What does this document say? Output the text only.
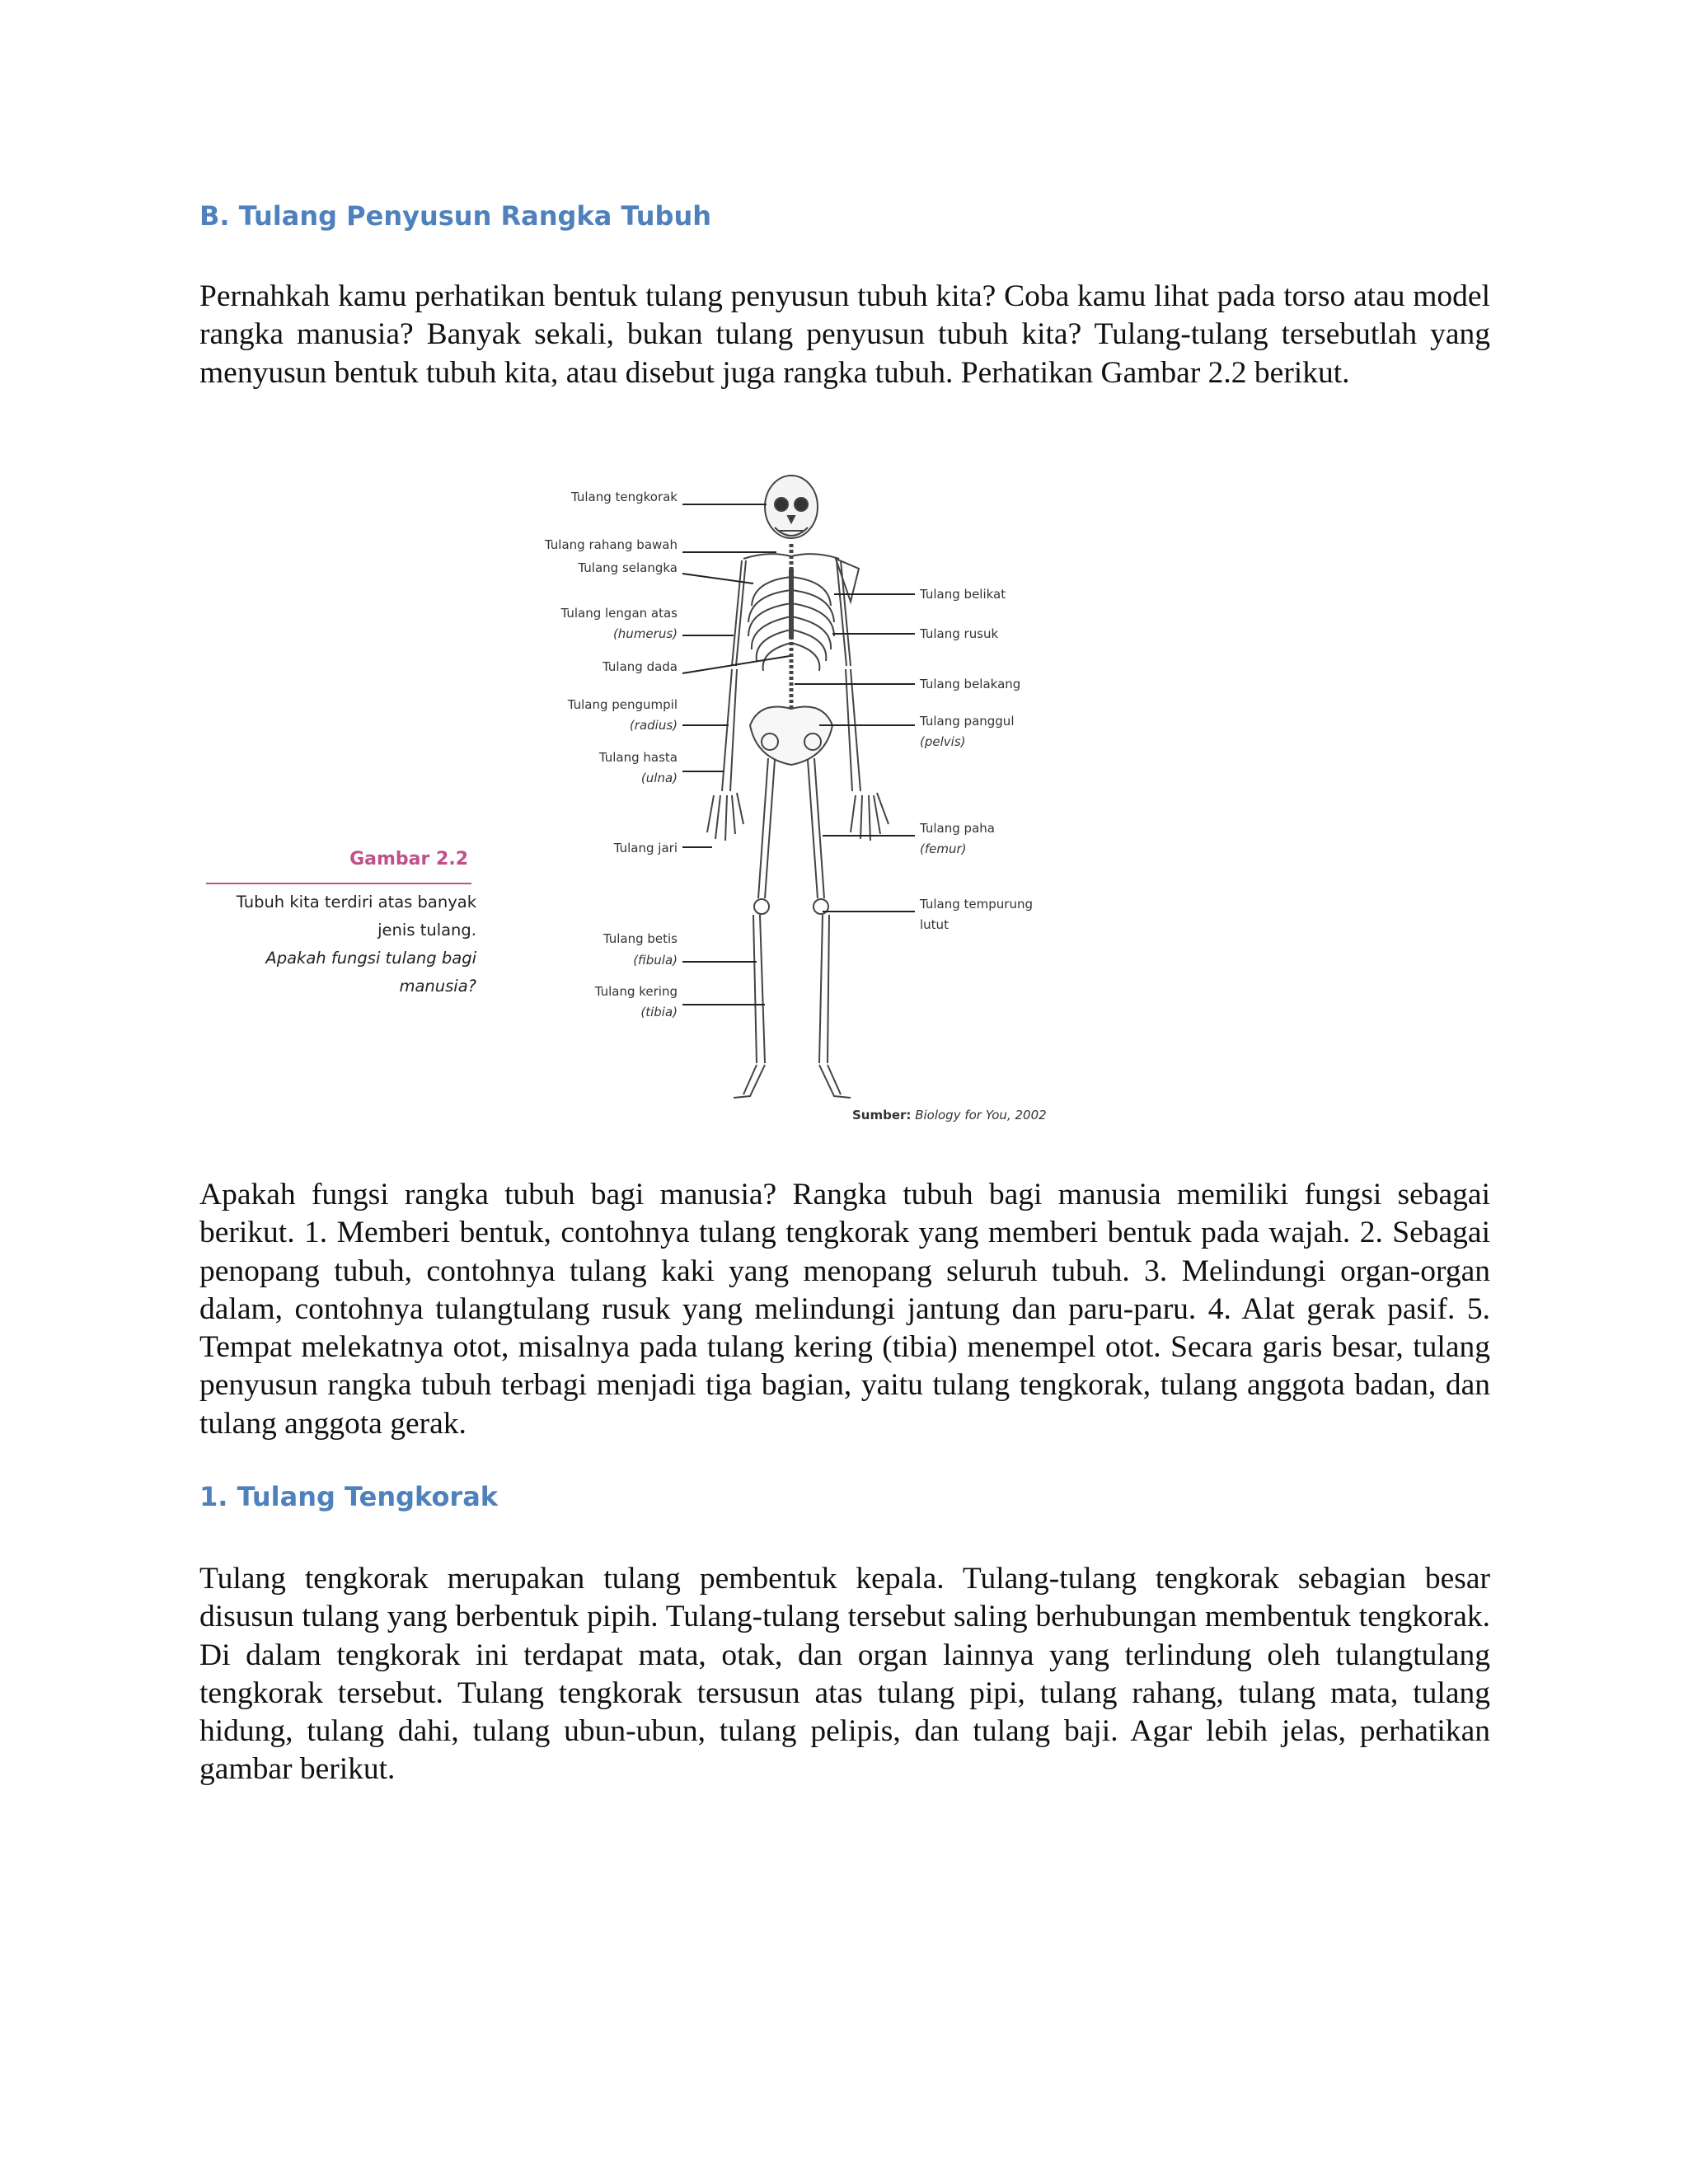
B. Tulang Penyusun Rangka Tubuh

Pernahkah kamu perhatikan bentuk tulang penyusun tubuh kita? Coba kamu lihat pada torso atau model rangka manusia? Banyak sekali, bukan tulang penyusun tubuh kita? Tulang-tulang tersebutlah yang menyusun bentuk tubuh kita, atau disebut juga rangka tubuh. Perhatikan Gambar 2.2 berikut.

Tulang tengkorak
Tulang rahang bawah
Tulang selangka
Tulang lengan atas
(humerus)
Tulang dada
Tulang pengumpil
(radius)
Tulang hasta
(ulna)
Tulang jari
Tulang betis
(fibula)
Tulang kering
(tibia)
Tulang belikat
Tulang rusuk
Tulang belakang
Tulang panggul
(pelvis)
Tulang paha
(femur)
Tulang tempurung
lutut
Gambar 2.2
Tubuh kita terdiri atas banyak jenis tulang.
Apakah fungsi tulang bagi manusia?
Sumber: Biology for You, 2002

Apakah fungsi rangka tubuh bagi manusia? Rangka tubuh bagi manusia memiliki fungsi sebagai berikut. 1. Memberi bentuk, contohnya tulang tengkorak yang memberi bentuk pada wajah. 2. Sebagai penopang tubuh, contohnya tulang kaki yang menopang seluruh tubuh. 3. Melindungi organ-organ dalam, contohnya tulangtulang rusuk yang melindungi jantung dan paru-paru. 4. Alat gerak pasif. 5. Tempat melekatnya otot, misalnya pada tulang kering (tibia) menempel otot. Secara garis besar, tulang penyusun rangka tubuh terbagi menjadi tiga bagian, yaitu tulang tengkorak, tulang anggota badan, dan tulang anggota gerak.

1. Tulang Tengkorak

Tulang tengkorak merupakan tulang pembentuk kepala. Tulang-tulang tengkorak sebagian besar disusun tulang yang berbentuk pipih. Tulang-tulang tersebut saling berhubungan membentuk tengkorak. Di dalam tengkorak ini terdapat mata, otak, dan organ lainnya yang terlindung oleh tulangtulang tengkorak tersebut. Tulang tengkorak tersusun atas tulang pipi, tulang rahang, tulang mata, tulang hidung, tulang dahi, tulang ubun-ubun, tulang pelipis, dan tulang baji. Agar lebih jelas, perhatikan gambar berikut.
